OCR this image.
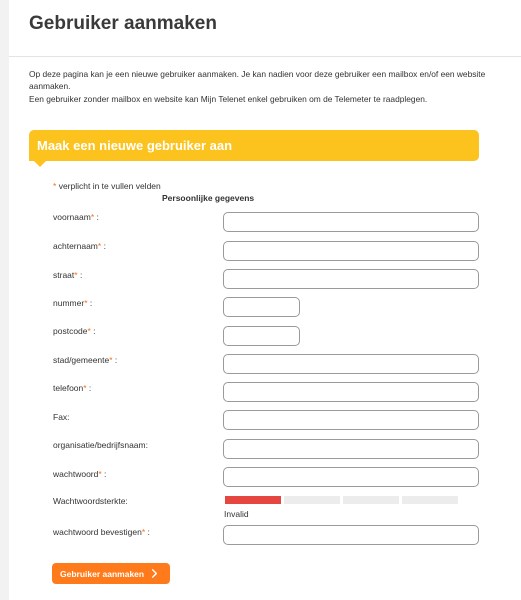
Gebruiker aanmaken
Op deze pagina kan je een nieuwe gebruiker aanmaken. Je kan nadien voor deze gebruiker een mailbox en/of een website aanmaken.
Een gebruiker zonder mailbox en website kan Mijn Telenet enkel gebruiken om de Telemeter te raadplegen.
Maak een nieuwe gebruiker aan
* verplicht in te vullen velden
Persoonlijke gegevens
voornaam* :
achternaam* :
straat* :
nummer* :
postcode* :
stad/gemeente* :
telefoon* :
Fax:
organisatie/bedrijfsnaam:
wachtwoord* :
Wachtwoordsterkte:
wachtwoord bevestigen* :
Invalid
Gebruiker aanmaken
